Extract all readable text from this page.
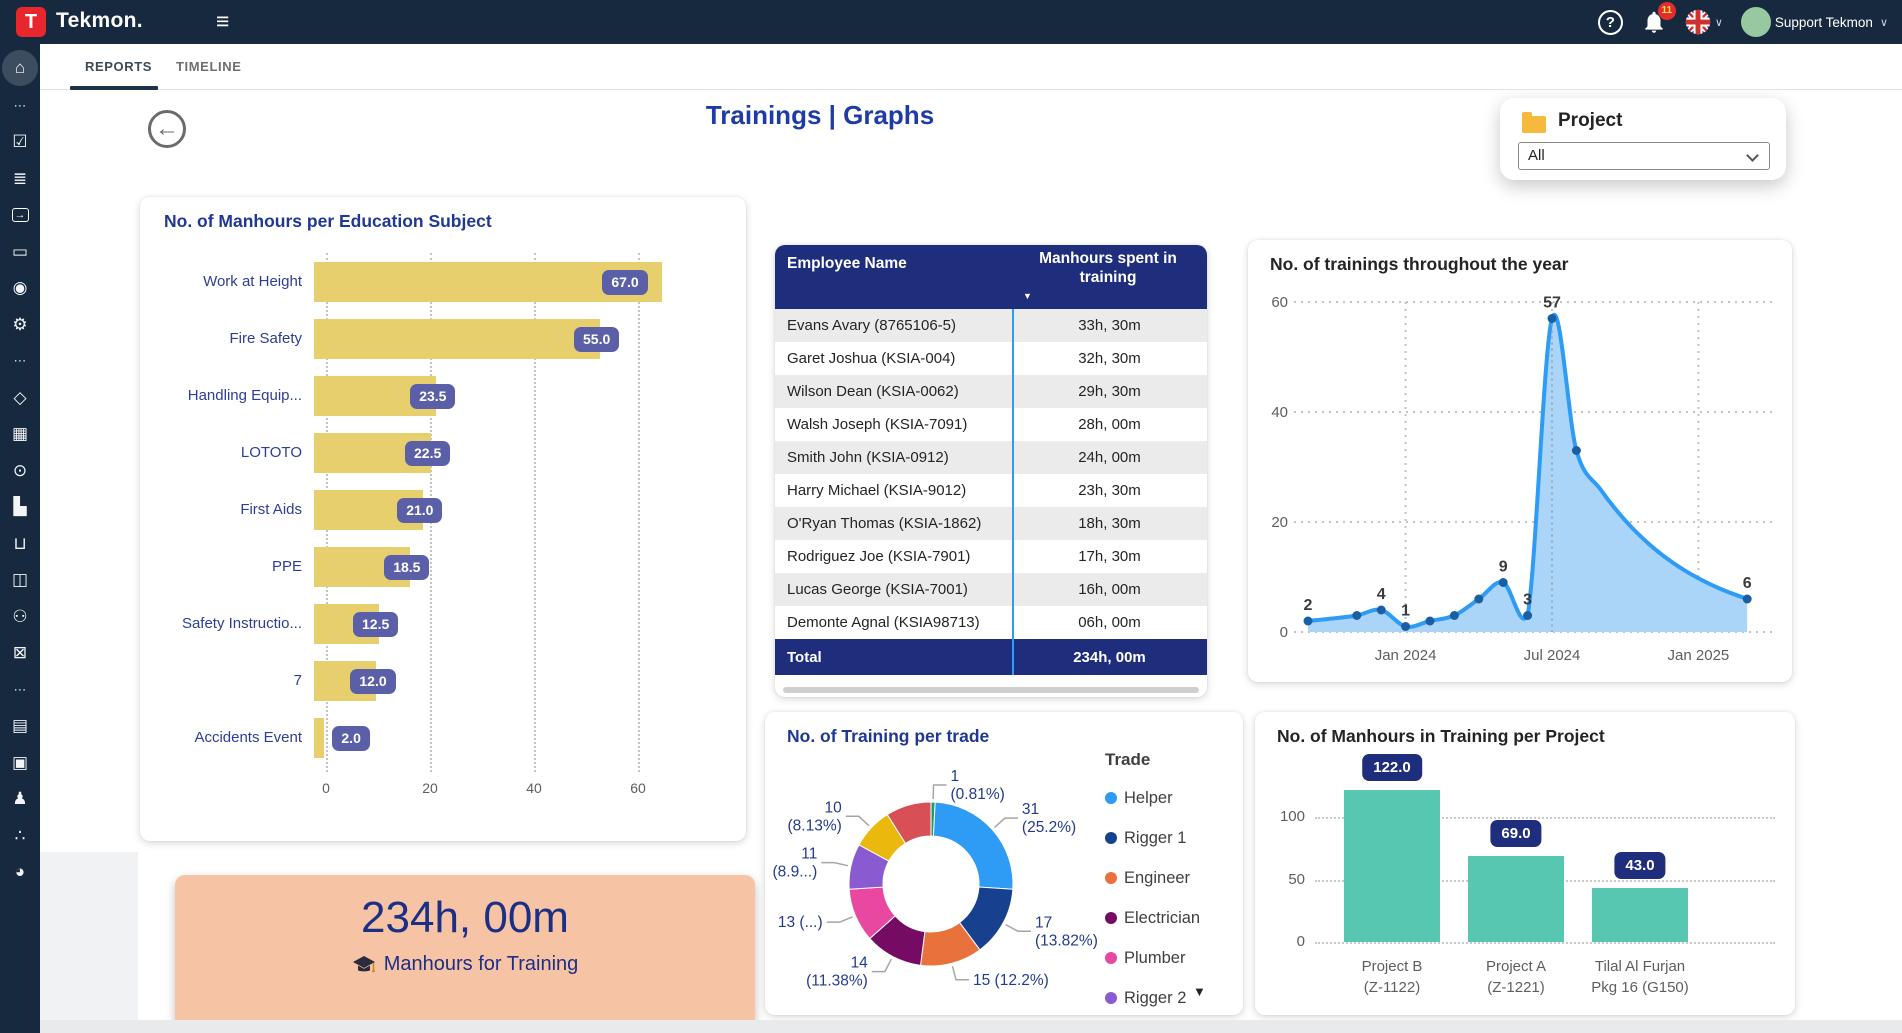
T Tekmon.	≡	?
11
∨	Support Tekmon ∨
⌂
⋯
☑
≣
→
▭
◉
⚙
⋯
◇
▦
⊙
▙
⊔
◫
⚇
⊠
⋯
▤
▣
♟
∴
◕
REPORTS TIMELINE
←	Trainings | Graphs	Project
All
No. of Manhours per Education Subject
0	20	40	60
Work at Height	67.0
Fire Safety	55.0
Handling Equip...	23.5
LOTOTO	22.5
First Aids	21.0
PPE	18.5
Safety Instructio...	12.5
7	12.0
Accidents Event	2.0
Employee Name	Manhours spent in training
▼
Evans Avary (8765106-5)	33h, 30m
Garet Joshua (KSIA-004)	32h, 30m
Wilson Dean (KSIA-0062)	29h, 30m
Walsh Joseph (KSIA-7091)	28h, 00m
Smith John (KSIA-0912)	24h, 00m
Harry Michael (KSIA-9012)	23h, 30m
O'Ryan Thomas (KSIA-1862)	18h, 30m
Rodriguez Joe (KSIA-7901)	17h, 30m
Lucas George (KSIA-7001)	16h, 00m
Demonte Agnal (KSIA98713)	06h, 00m
Total	234h, 00m
No. of trainings throughout the year
0
20
40
60
Jan 2024	Jul 2024	Jan 2025
2
4
1
9
3
57
6
No. of Training per trade
1 (0.81%)
31 (25.2%)
17 (13.82%)
15 (12.2%)
14 (11.38%)
13 (...)
11 (8.9...)
10 (8.13%)
Trade
Helper
Rigger 1
Engineer
Electrician
Plumber
Rigger 2 ▼
No. of Manhours in Training per Project
0
50
100
122.0
Project B
(Z-1122)
69.0
Project A
(Z-1221)
43.0
Tilal Al Furjan
Pkg 16 (G150)
234h, 00m
Manhours for Training
